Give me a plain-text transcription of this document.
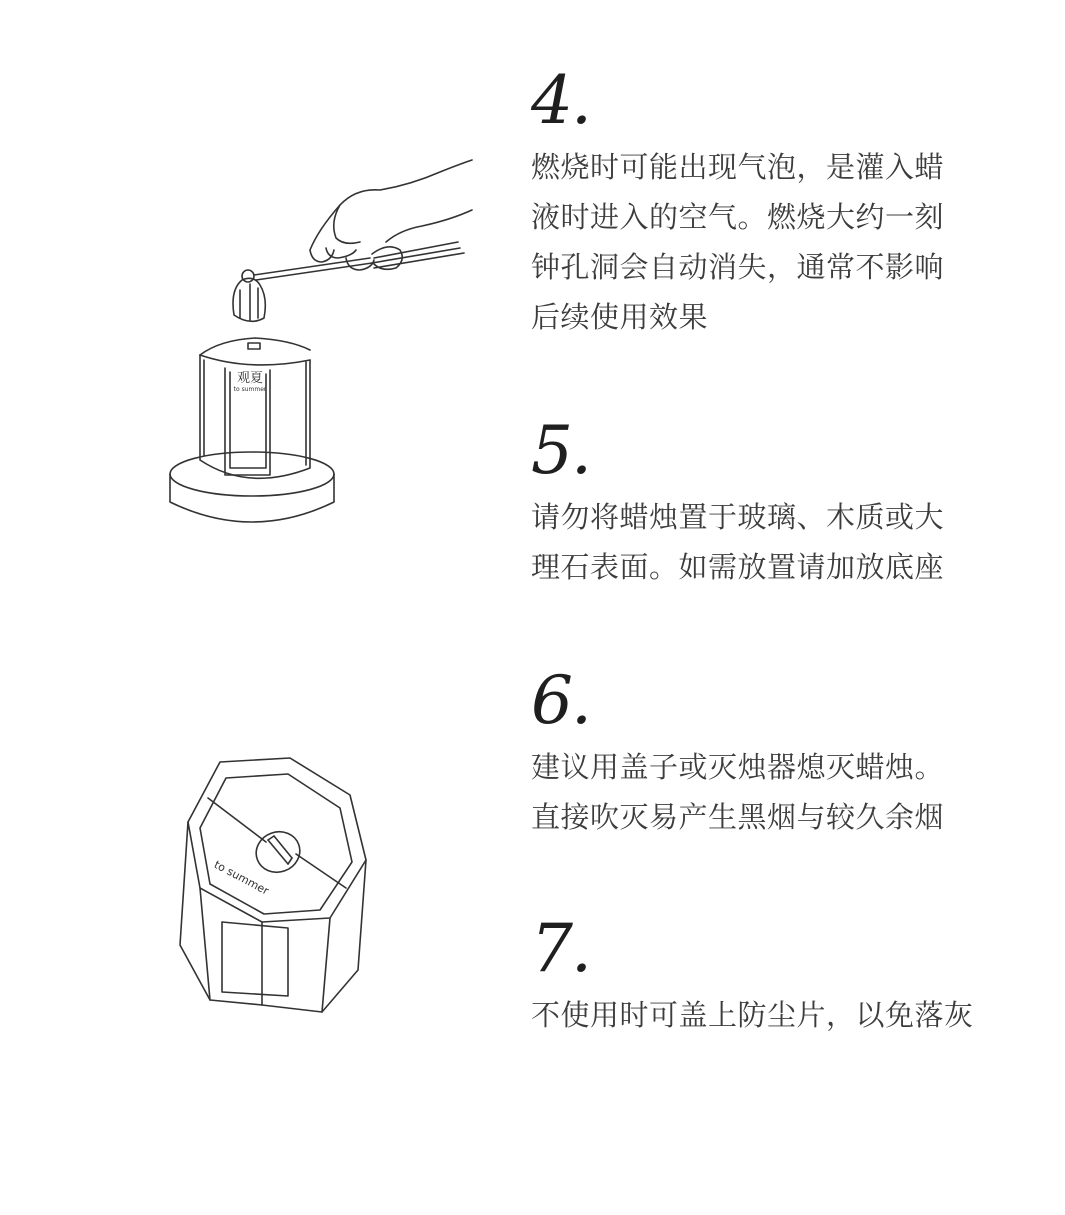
观夏
to summer
to summer
4.
燃烧时可能出现气泡，是灌入蜡
液时进入的空气。燃烧大约一刻
钟孔洞会自动消失，通常不影响
后续使用效果
5.
请勿将蜡烛置于玻璃、木质或大
理石表面。如需放置请加放底座
6.
建议用盖子或灭烛器熄灭蜡烛。
直接吹灭易产生黑烟与较久余烟
7.
不使用时可盖上防尘片，以免落灰
